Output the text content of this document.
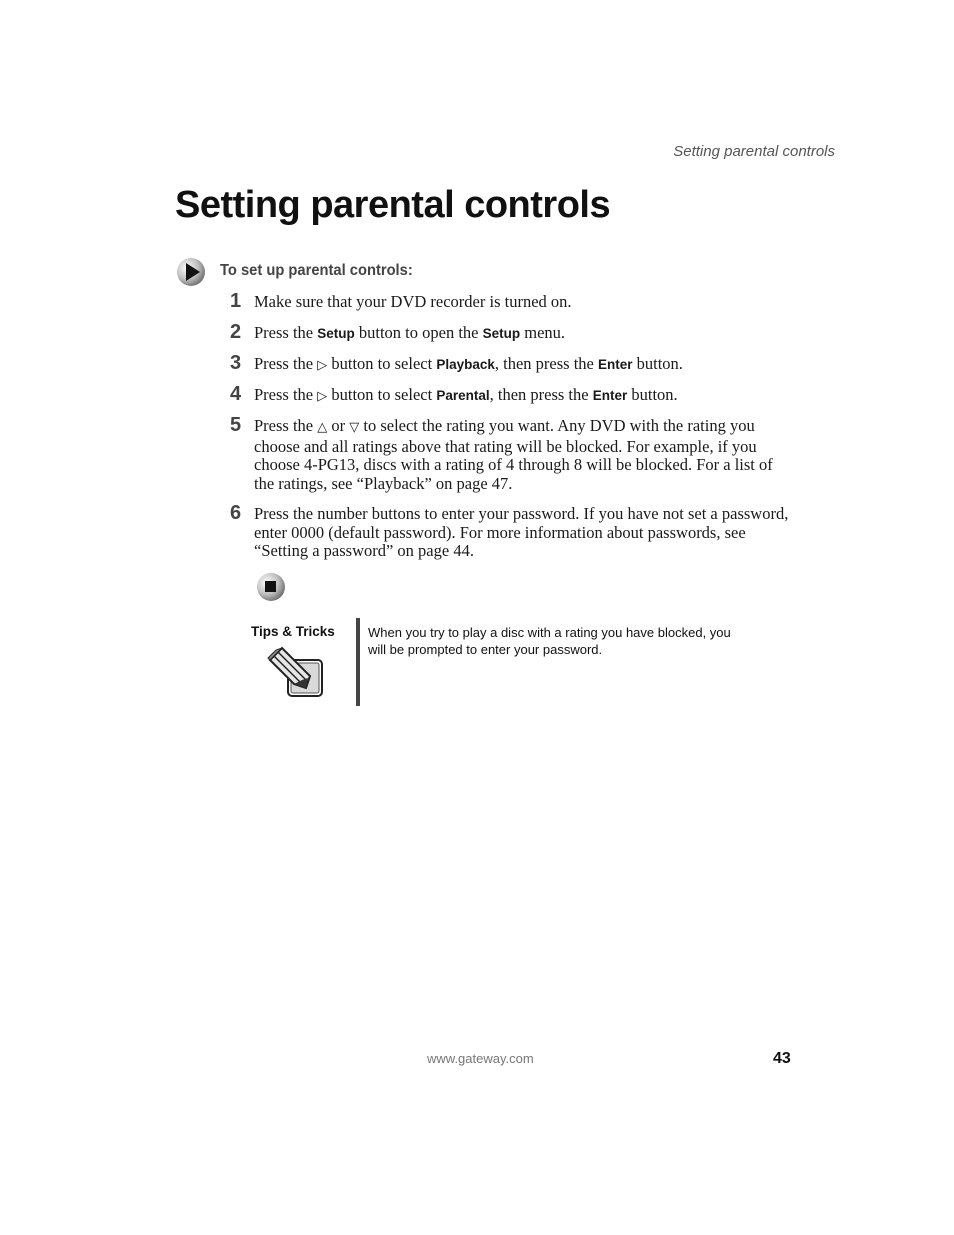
Setting parental controls
Setting parental controls
To set up parental controls:
1 Make sure that your DVD recorder is turned on.
2 Press the Setup button to open the Setup menu.
3 Press the ▷ button to select Playback, then press the Enter button.
4 Press the ▷ button to select Parental, then press the Enter button.
5 Press the △ or ▽ to select the rating you want. Any DVD with the rating you choose and all ratings above that rating will be blocked. For example, if you choose 4-PG13, discs with a rating of 4 through 8 will be blocked. For a list of the ratings, see “Playback” on page 47.
6 Press the number buttons to enter your password. If you have not set a password, enter 0000 (default password). For more information about passwords, see “Setting a password” on page 44.
Tips & Tricks	When you try to play a disc with a rating you have blocked, you will be prompted to enter your password.
www.gateway.com	43
